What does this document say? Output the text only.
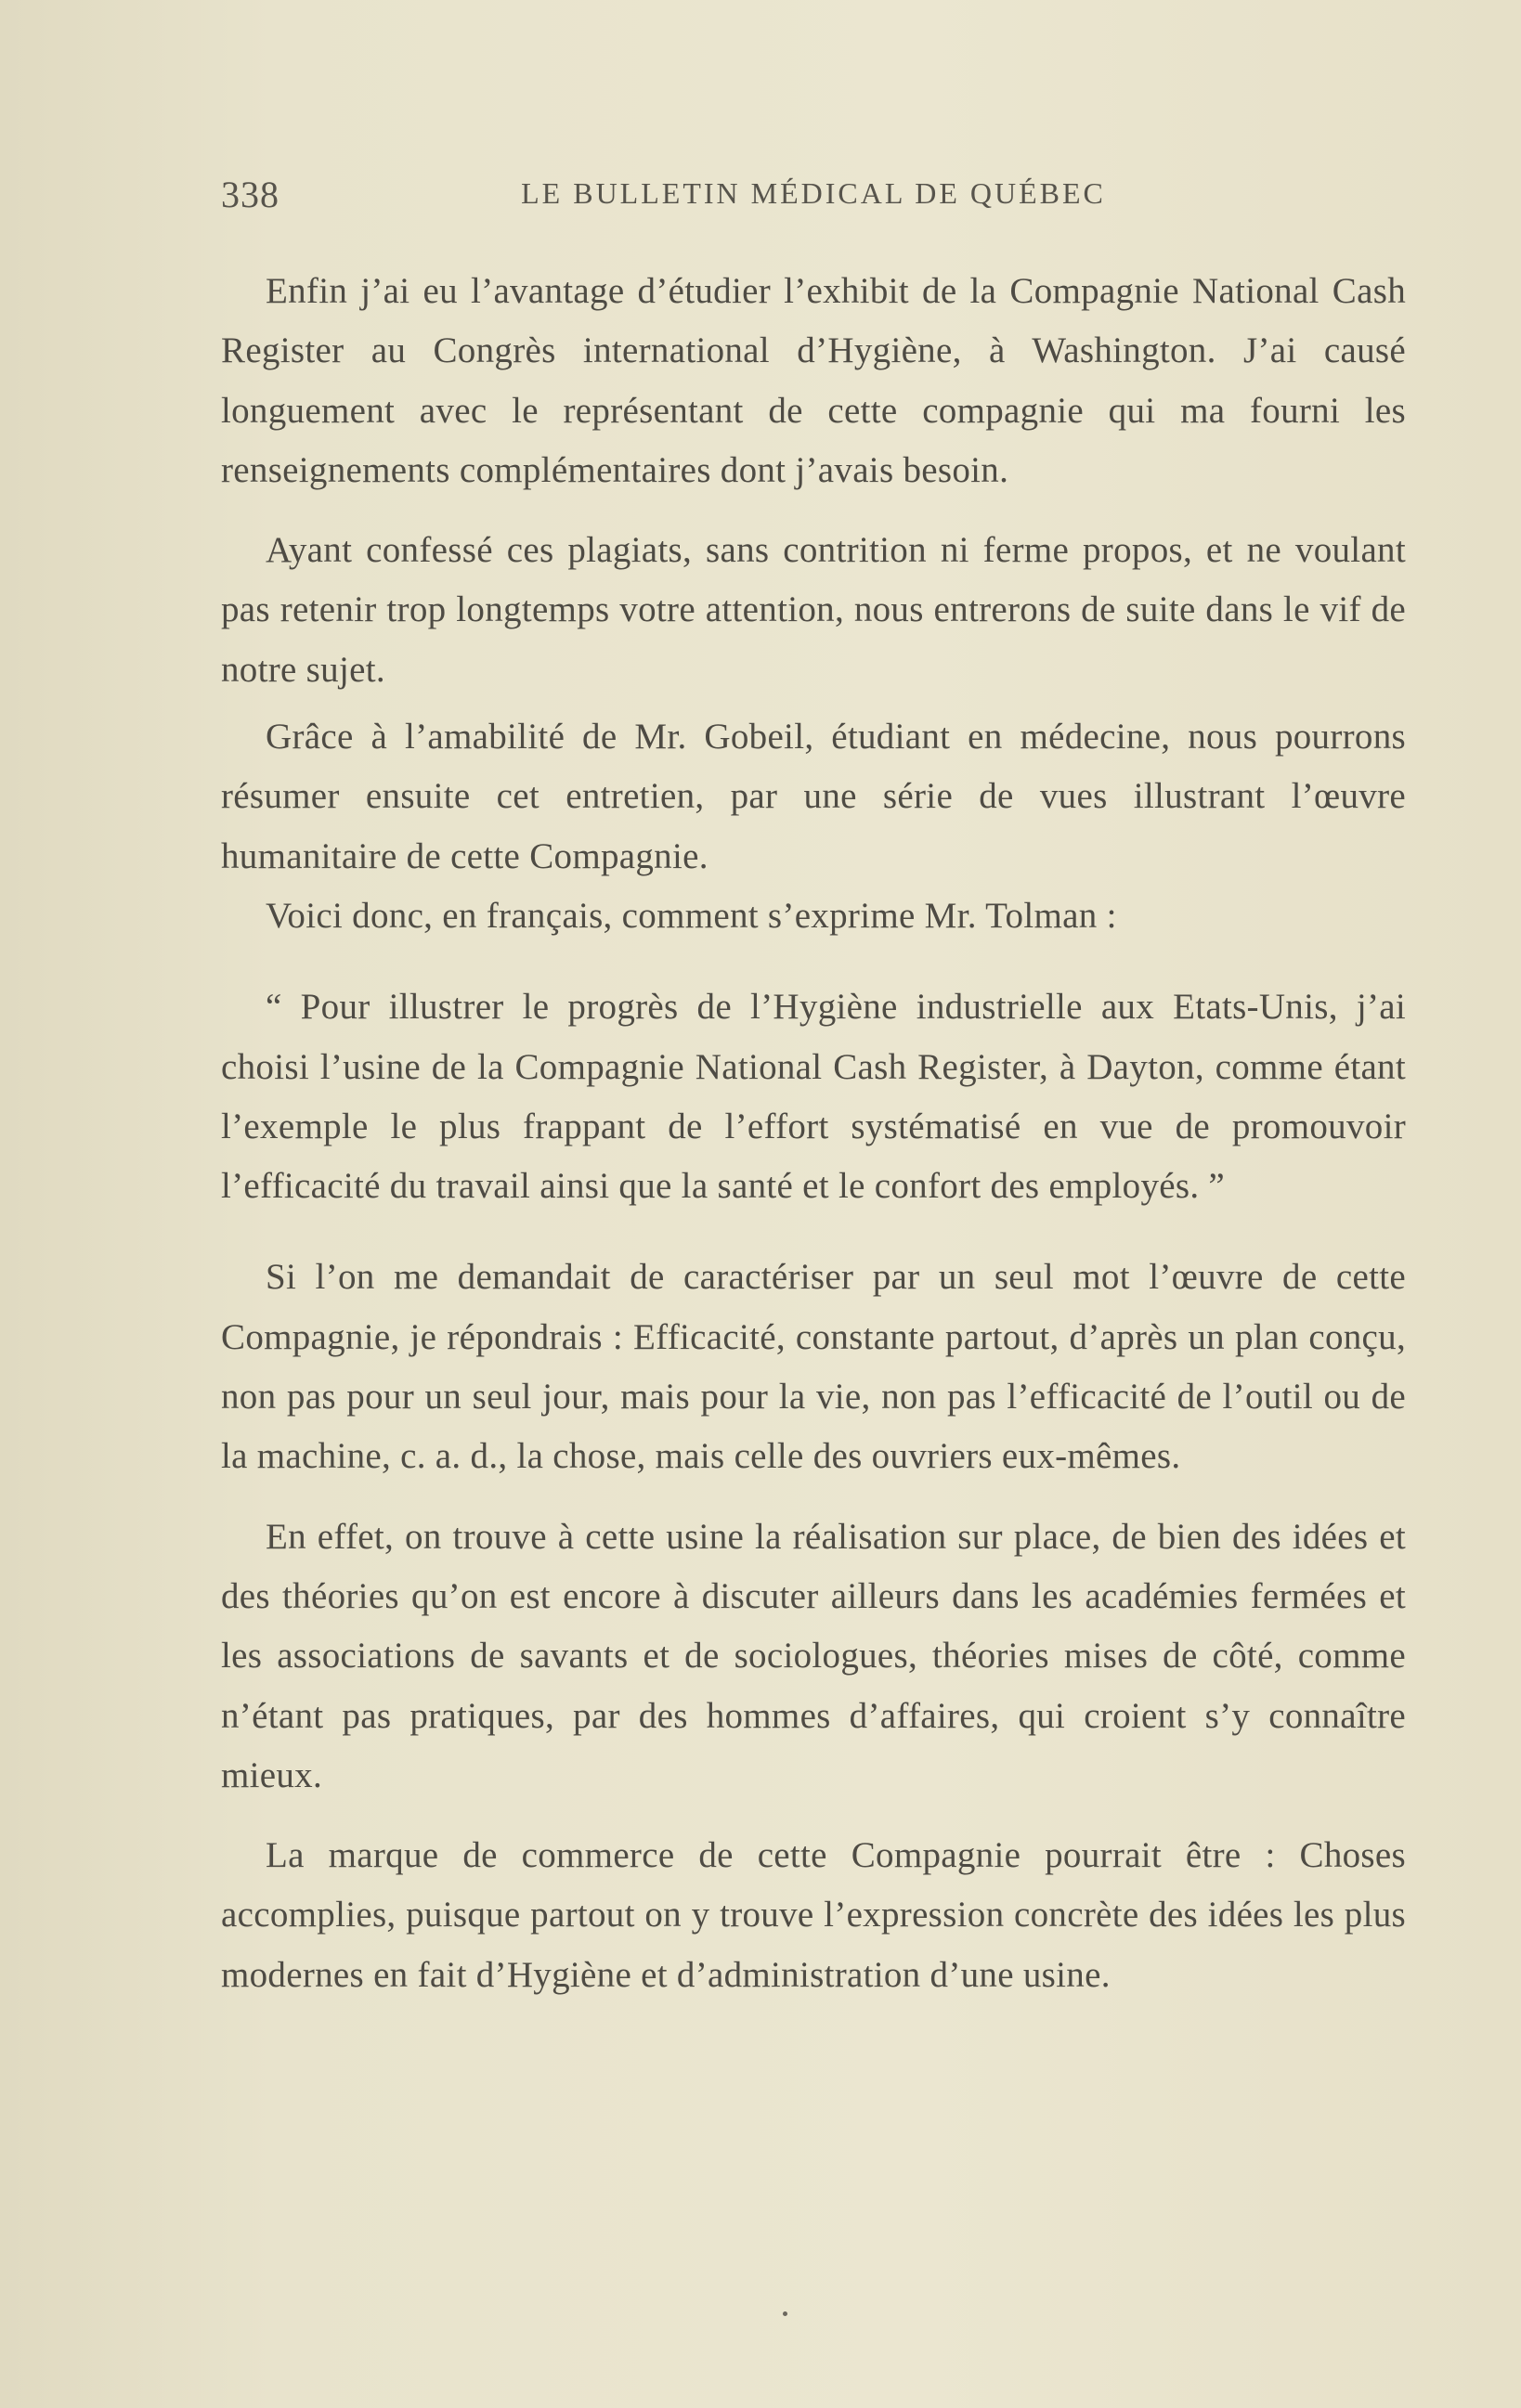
338	LE BULLETIN MÉDICAL DE QUÉBEC

Enfin j’ai eu l’avantage d’étudier l’exhibit de la Compagnie National Cash Register au Congrès international d’Hygiène, à Washington. J’ai causé longuement avec le représentant de cette compagnie qui ma fourni les renseignements complémentaires dont j’avais besoin.

Ayant confessé ces plagiats, sans contrition ni ferme propos, et ne voulant pas retenir trop longtemps votre attention, nous entrerons de suite dans le vif de notre sujet.

Grâce à l’amabilité de Mr. Gobeil, étudiant en médecine, nous pourrons résumer ensuite cet entretien, par une série de vues illustrant l’œuvre humanitaire de cette Compagnie.

Voici donc, en français, comment s’exprime Mr. Tolman :

“ Pour illustrer le progrès de l’Hygiène industrielle aux Etats-Unis, j’ai choisi l’usine de la Compagnie National Cash Register, à Dayton, comme étant l’exemple le plus frappant de l’effort systématisé en vue de promouvoir l’efficacité du travail ainsi que la santé et le confort des employés. ”

Si l’on me demandait de caractériser par un seul mot l’œuvre de cette Compagnie, je répondrais : Efficacité, constante partout, d’après un plan conçu, non pas pour un seul jour, mais pour la vie, non pas l’efficacité de l’outil ou de la machine, c. a. d., la chose, mais celle des ouvriers eux-mêmes.

En effet, on trouve à cette usine la réalisation sur place, de bien des idées et des théories qu’on est encore à discuter ailleurs dans les académies fermées et les associations de savants et de sociologues, théories mises de côté, comme n’étant pas pratiques, par des hommes d’affaires, qui croient s’y connaître mieux.

La marque de commerce de cette Compagnie pourrait être : Choses accomplies, puisque partout on y trouve l’expression concrète des idées les plus modernes en fait d’Hygiène et d’administration d’une usine.
